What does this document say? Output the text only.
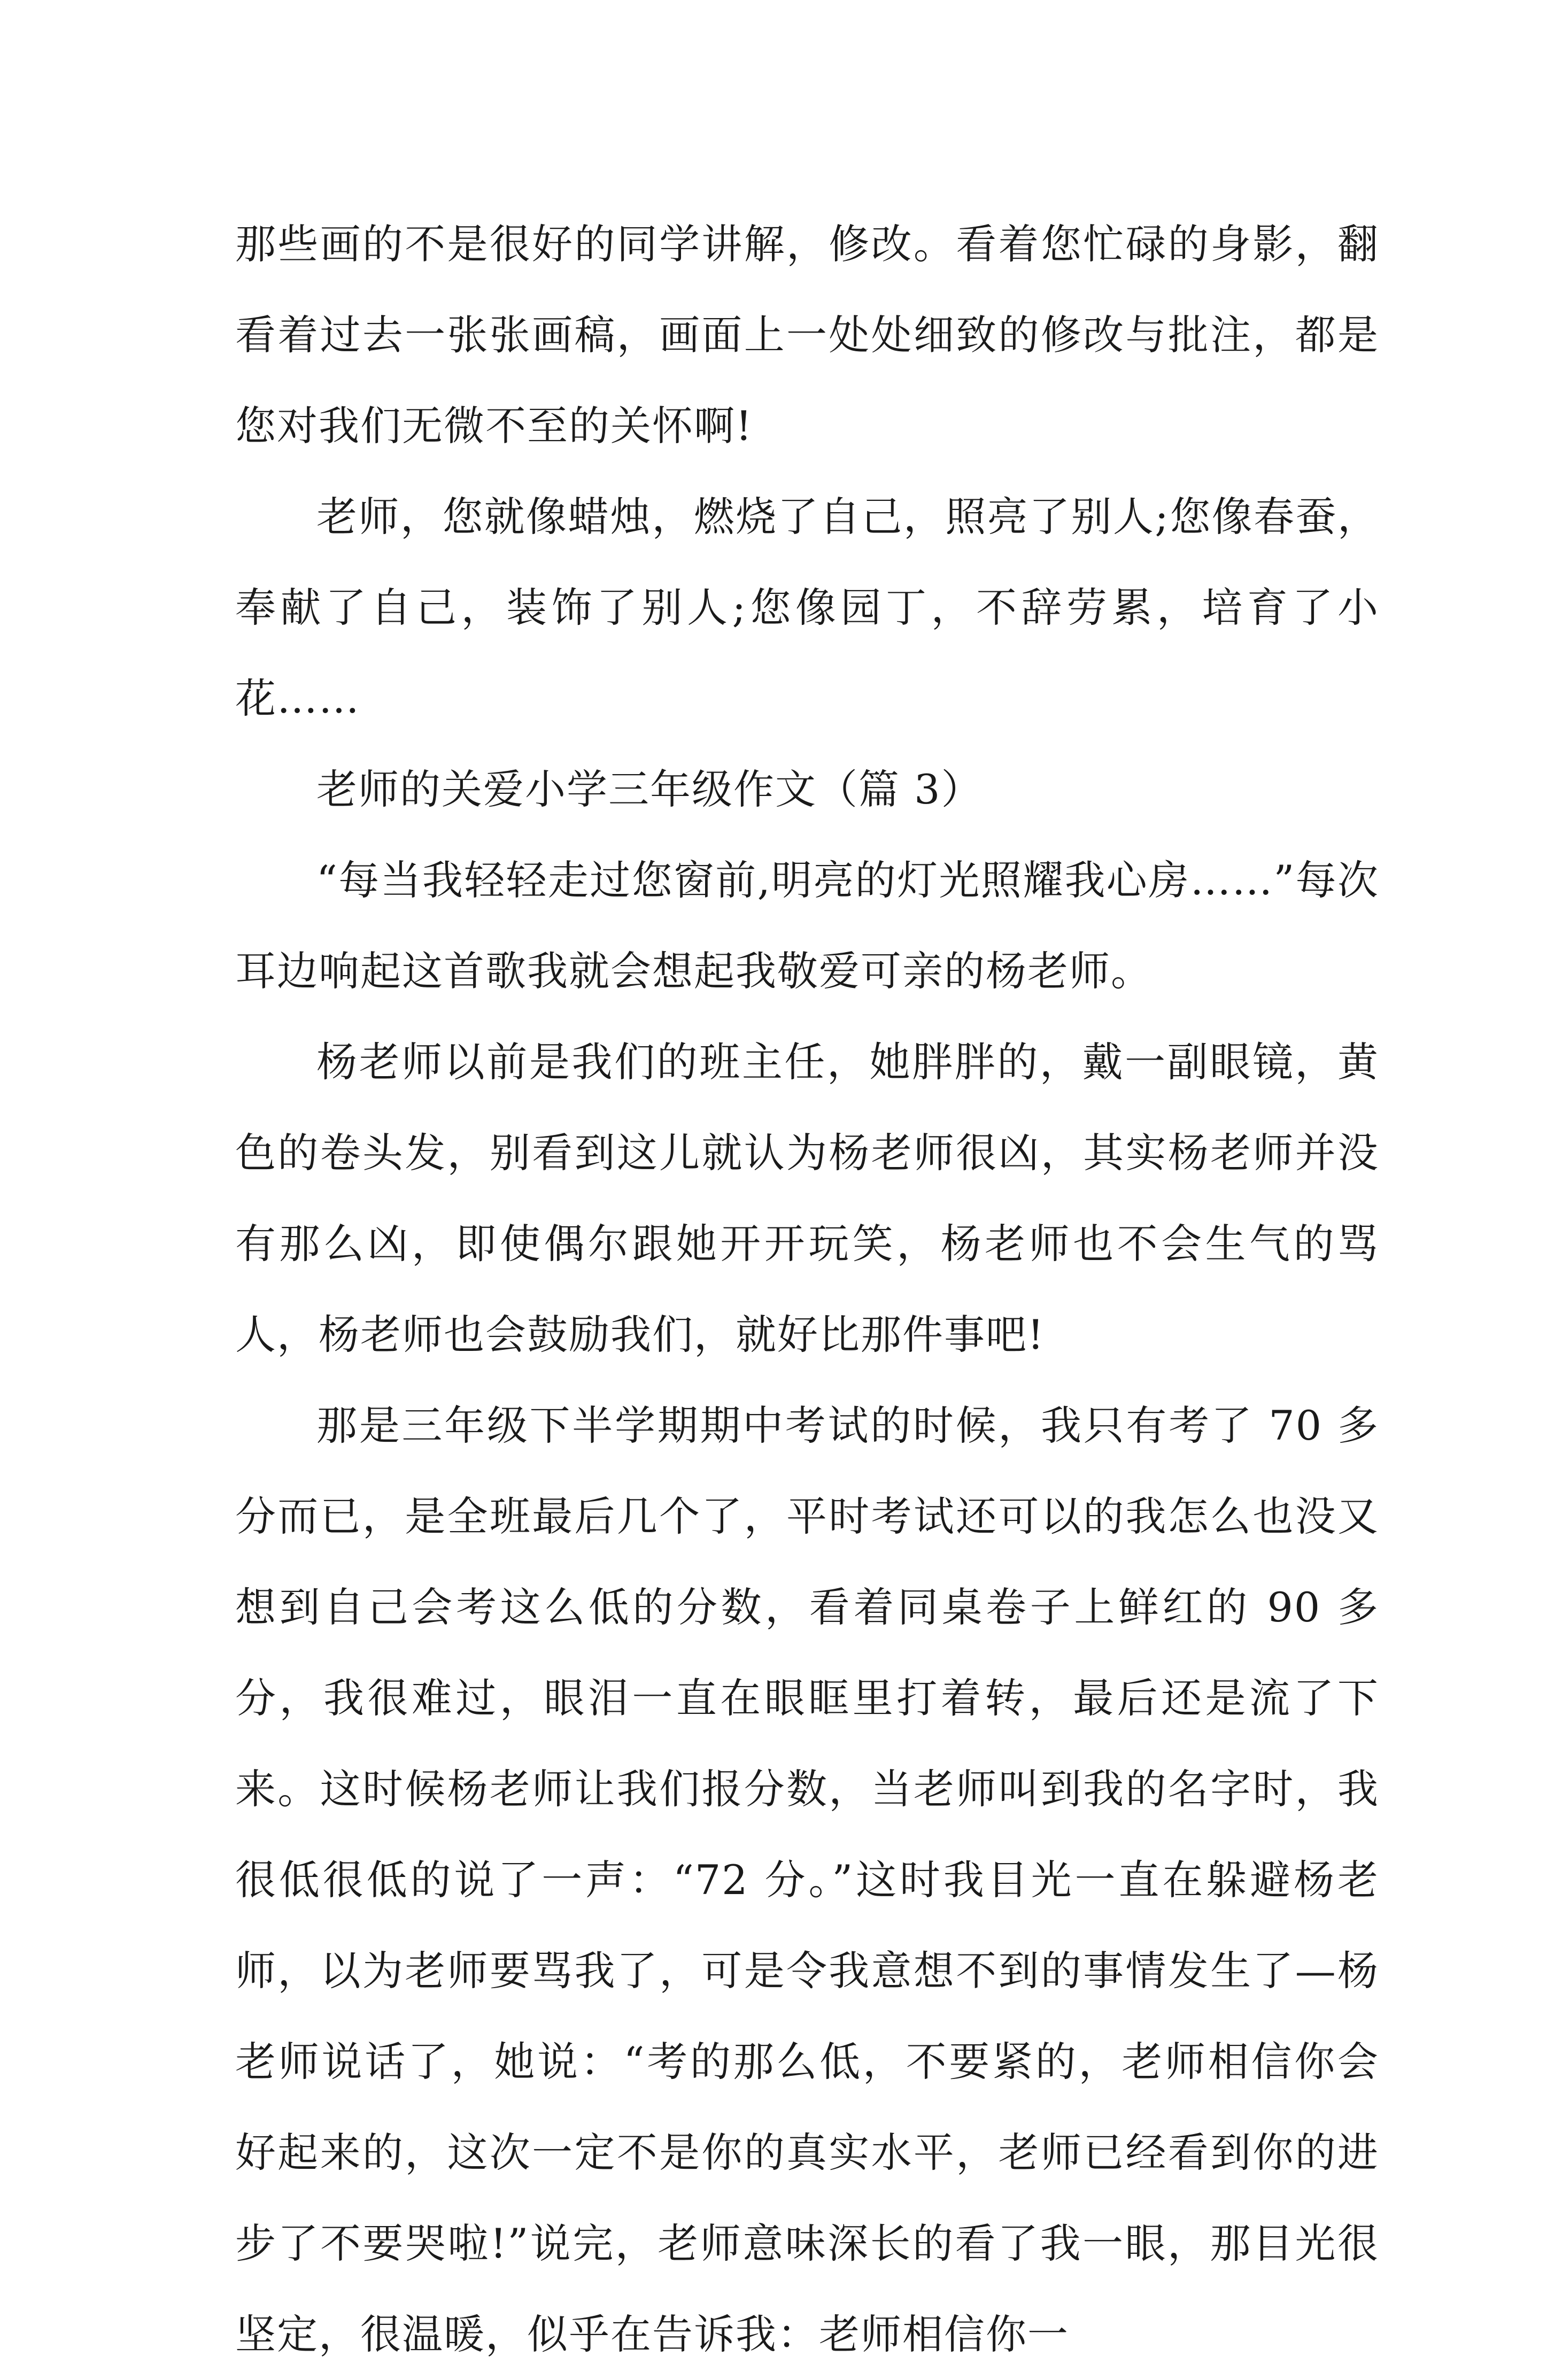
那些画的不是很好的同学讲解，修改。看着您忙碌的身影，翻看着过去一张张画稿，画面上一处处细致的修改与批注，都是您对我们无微不至的关怀啊!

老师，您就像蜡烛，燃烧了自己，照亮了别人;您像春蚕，奉献了自己，装饰了别人;您像园丁，不辞劳累，培育了小花……

老师的关爱小学三年级作文（篇 3）

“每当我轻轻走过您窗前,明亮的灯光照耀我心房……”每次耳边响起这首歌我就会想起我敬爱可亲的杨老师。

杨老师以前是我们的班主任，她胖胖的，戴一副眼镜，黄色的卷头发，别看到这儿就认为杨老师很凶，其实杨老师并没有那么凶，即使偶尔跟她开开玩笑，杨老师也不会生气的骂人，杨老师也会鼓励我们，就好比那件事吧!

那是三年级下半学期期中考试的时候，我只有考了 70 多分而已，是全班最后几个了，平时考试还可以的我怎么也没又想到自己会考这么低的分数，看着同桌卷子上鲜红的 90 多分，我很难过，眼泪一直在眼眶里打着转，最后还是流了下来。这时候杨老师让我们报分数，当老师叫到我的名字时，我很低很低的说了一声：“72 分。”这时我目光一直在躲避杨老师，以为老师要骂我了，可是令我意想不到的事情发生了—杨老师说话了，她说：“考的那么低，不要紧的，老师相信你会好起来的，这次一定不是你的真实水平，老师已经看到你的进步了不要哭啦!”说完，老师意味深长的看了我一眼，那目光很坚定，很温暖，似乎在告诉我：老师相信你一
